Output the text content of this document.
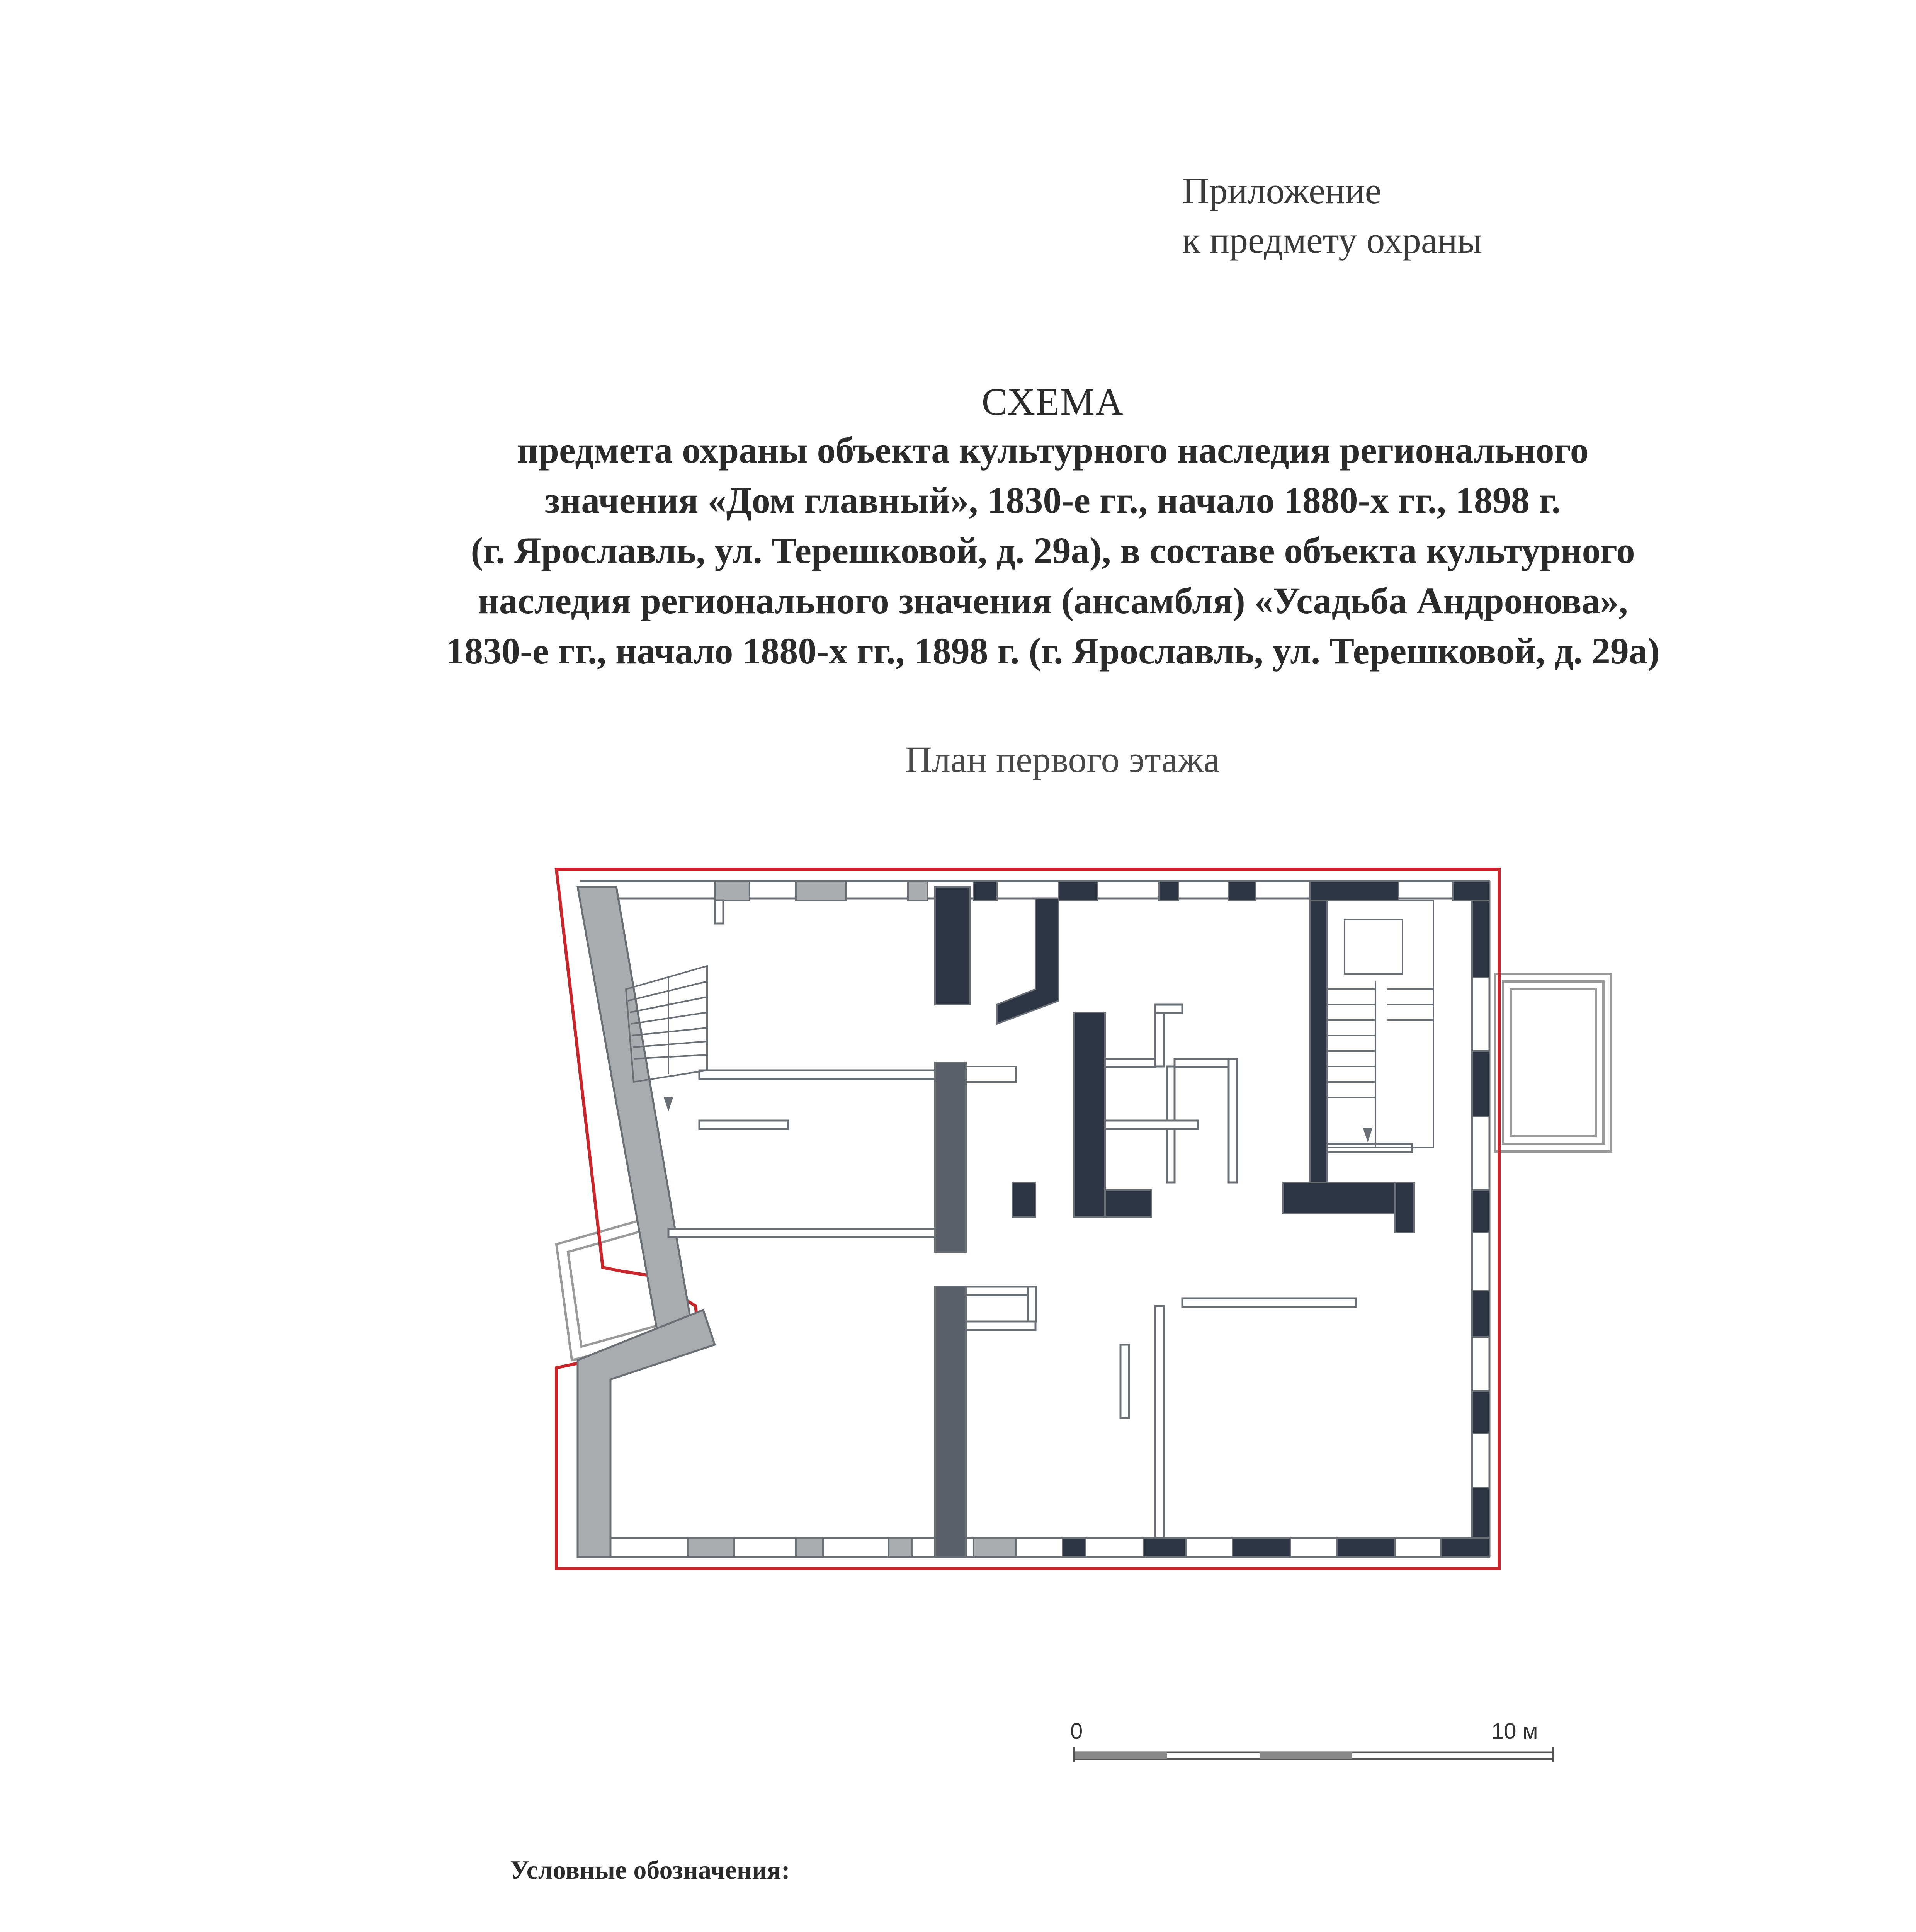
Приложение
к предмету охраны
СХЕМА
предмета охраны объекта культурного наследия регионального
значения «Дом главный», 1830-е гг., начало 1880-х гг., 1898 г.
(г. Ярославль, ул. Терешковой, д. 29а), в составе объекта культурного
наследия регионального значения (ансамбля) «Усадьба Андронова»,
1830-е гг., начало 1880-х гг., 1898 г. (г. Ярославль, ул. Терешковой, д. 29а)
План первого этажа
0	10 м
Условные обозначения:
